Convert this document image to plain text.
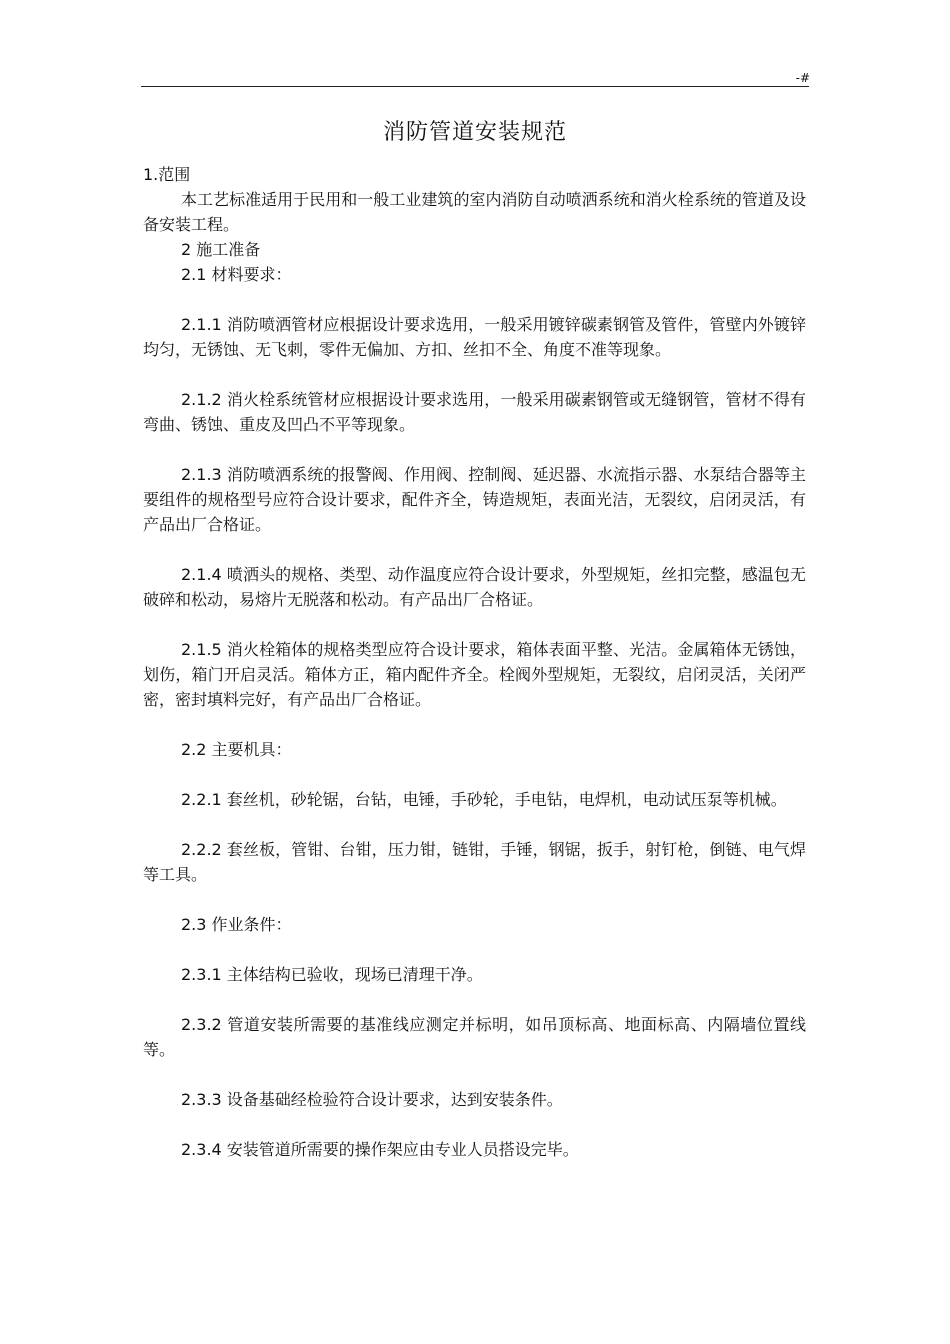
-#
消防管道安装规范

1.范围

本工艺标准适用于民用和一般工业建筑的室内消防自动喷洒系统和消火栓系统的管道及设备安装工程。

2 施工准备

2.1 材料要求：

2.1.1 消防喷洒管材应根据设计要求选用，一般采用镀锌碳素钢管及管件，管壁内外镀锌均匀，无锈蚀、无飞刺，零件无偏加、方扣、丝扣不全、角度不准等现象。

2.1.2 消火栓系统管材应根据设计要求选用，一般采用碳素钢管或无缝钢管，管材不得有弯曲、锈蚀、重皮及凹凸不平等现象。

2.1.3 消防喷洒系统的报警阀、作用阀、控制阀、延迟器、水流指示器、水泵结合器等主要组件的规格型号应符合设计要求，配件齐全，铸造规矩，表面光洁，无裂纹，启闭灵活，有产品出厂合格证。

2.1.4 喷洒头的规格、类型、动作温度应符合设计要求，外型规矩，丝扣完整，感温包无破碎和松动，易熔片无脱落和松动。有产品出厂合格证。

2.1.5 消火栓箱体的规格类型应符合设计要求，箱体表面平整、光洁。金属箱体无锈蚀，划伤，箱门开启灵活。箱体方正，箱内配件齐全。栓阀外型规矩，无裂纹，启闭灵活，关闭严密，密封填料完好，有产品出厂合格证。

2.2 主要机具：

2.2.1 套丝机，砂轮锯，台钻，电锤，手砂轮，手电钻，电焊机，电动试压泵等机械。

2.2.2 套丝板，管钳、台钳，压力钳，链钳，手锤，钢锯，扳手，射钉枪，倒链、电气焊等工具。

2.3 作业条件：

2.3.1 主体结构已验收，现场已清理干净。

2.3.2 管道安装所需要的基准线应测定并标明，如吊顶标高、地面标高、内隔墙位置线等。

2.3.3 设备基础经检验符合设计要求，达到安装条件。

2.3.4 安装管道所需要的操作架应由专业人员搭设完毕。
